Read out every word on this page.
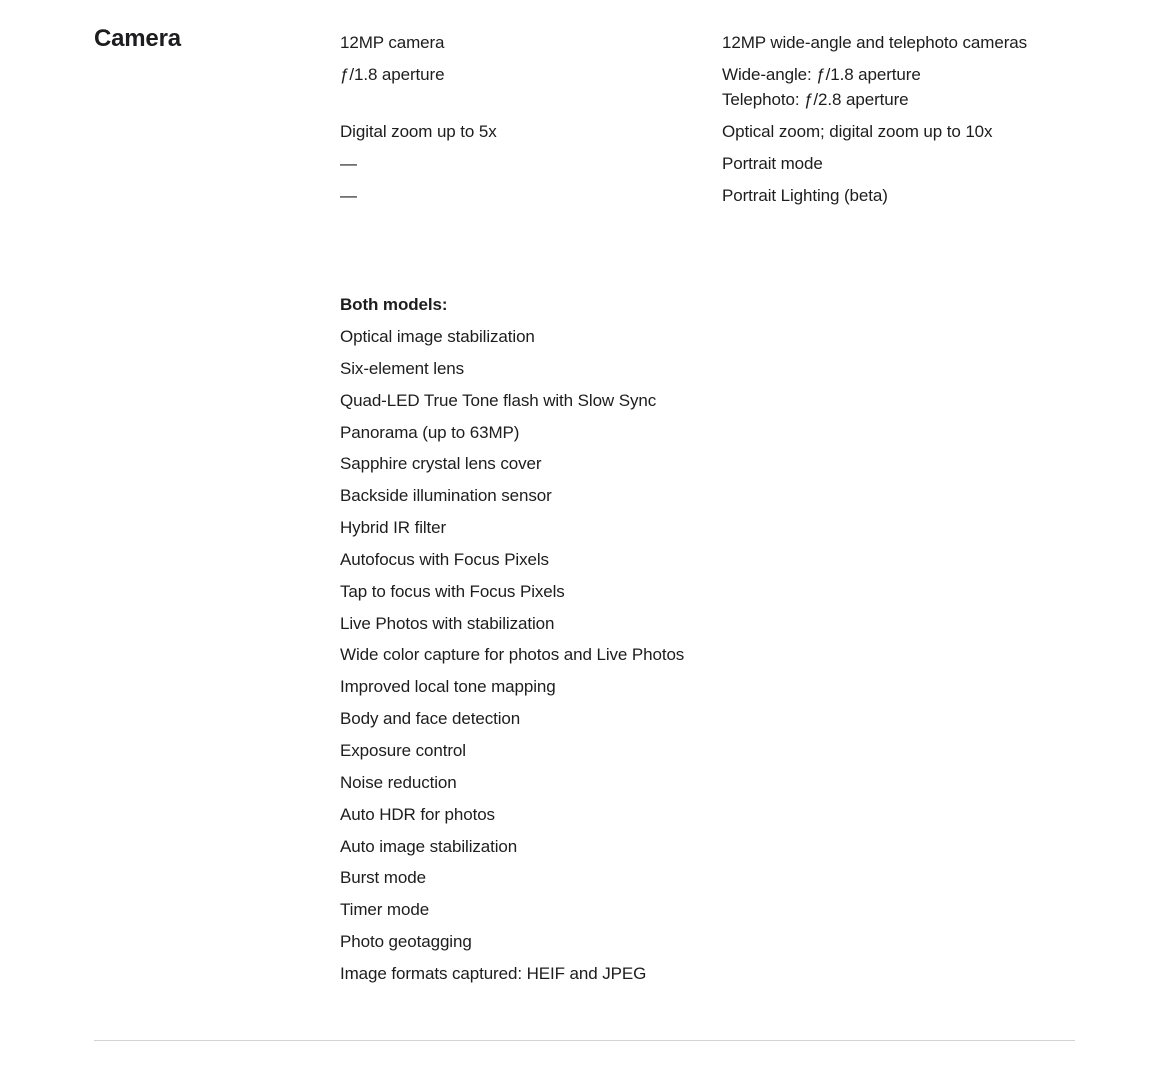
Camera	12MP camera
ƒ/1.8 aperture

Digital zoom up to 5x
—
—
12MP wide-angle and telephoto cameras
Wide-angle: ƒ/1.8 aperture
Telephoto: ƒ/2.8 aperture
Optical zoom; digital zoom up to 10x
Portrait mode
Portrait Lighting (beta)
Both models:
Optical image stabilization
Six-element lens
Quad-LED True Tone flash with Slow Sync
Panorama (up to 63MP)
Sapphire crystal lens cover
Backside illumination sensor
Hybrid IR filter
Autofocus with Focus Pixels
Tap to focus with Focus Pixels
Live Photos with stabilization
Wide color capture for photos and Live Photos
Improved local tone mapping
Body and face detection
Exposure control
Noise reduction
Auto HDR for photos
Auto image stabilization
Burst mode
Timer mode
Photo geotagging
Image formats captured: HEIF and JPEG
